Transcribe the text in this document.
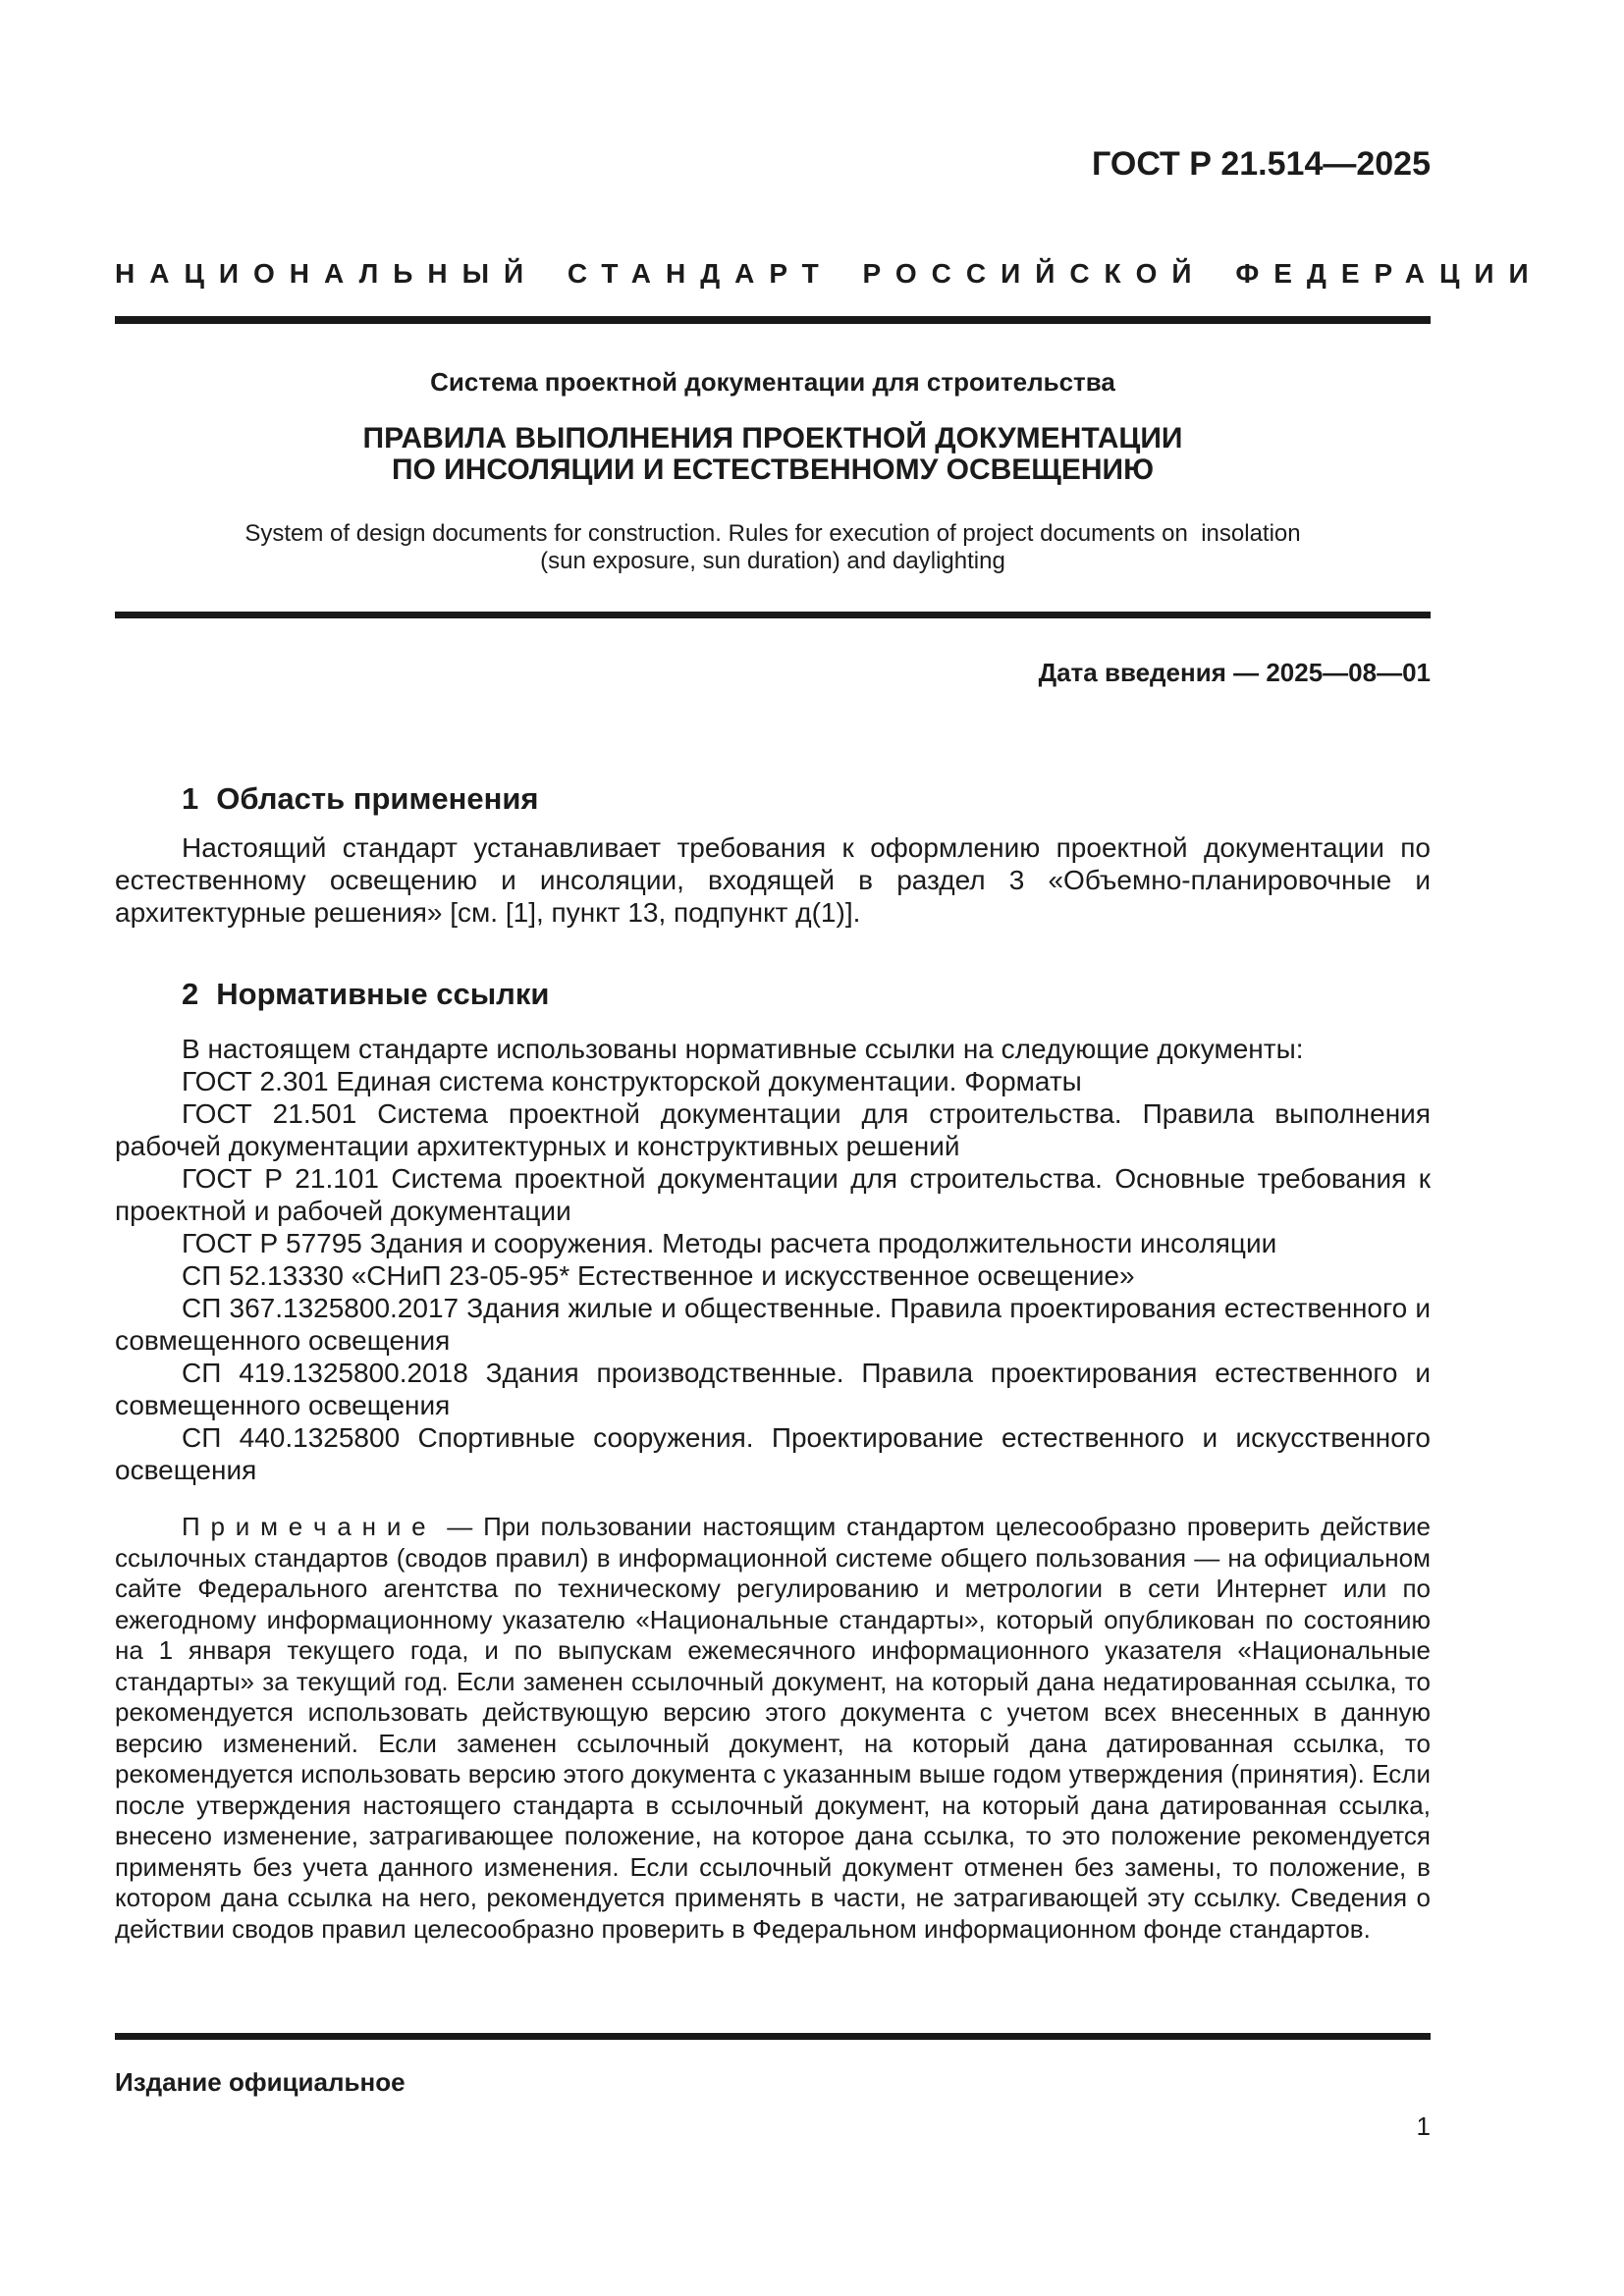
ГОСТ Р 21.514—2025
НАЦИОНАЛЬНЫЙ СТАНДАРТ РОССИЙСКОЙ ФЕДЕРАЦИИ
Система проектной документации для строительства
ПРАВИЛА ВЫПОЛНЕНИЯ ПРОЕКТНОЙ ДОКУМЕНТАЦИИ
ПО ИНСОЛЯЦИИ И ЕСТЕСТВЕННОМУ ОСВЕЩЕНИЮ
System of design documents for construction. Rules for execution of project documents on  insolation
(sun exposure, sun duration) and daylighting
Дата введения — 2025—08—01
1 Область применения

Настоящий стандарт устанавливает требования к оформлению проектной документации по естественному освещению и инсоляции, входящей в раздел 3 «Объемно-планировочные и архитектурные решения» [см. [1], пункт 13, подпункт д(1)].

2 Нормативные ссылки

В настоящем стандарте использованы нормативные ссылки на следующие документы:

ГОСТ 2.301 Единая система конструкторской документации. Форматы

ГОСТ 21.501 Система проектной документации для строительства. Правила выполнения рабочей документации архитектурных и конструктивных решений

ГОСТ Р 21.101 Система проектной документации для строительства. Основные требования к проектной и рабочей документации

ГОСТ Р 57795 Здания и сооружения. Методы расчета продолжительности инсоляции

СП 52.13330 «СНиП 23-05-95* Естественное и искусственное освещение»

СП 367.1325800.2017 Здания жилые и общественные. Правила проектирования естественного и совмещенного освещения

СП 419.1325800.2018 Здания производственные. Правила проектирования естественного и совмещенного освещения

СП 440.1325800 Спортивные сооружения. Проектирование естественного и искусственного освещения

П р и м е ч а н и е  — При пользовании настоящим стандартом целесообразно проверить действие ссылочных стандартов (сводов правил) в информационной системе общего пользования — на официальном сайте Федерального агентства по техническому регулированию и метрологии в сети Интернет или по ежегодному информационному указателю «Национальные стандарты», который опубликован по состоянию на 1 января текущего года, и по выпускам ежемесячного информационного указателя «Национальные стандарты» за текущий год. Если заменен ссылочный документ, на который дана недатированная ссылка, то рекомендуется использовать действующую версию этого документа с учетом всех внесенных в данную версию изменений. Если заменен ссылочный документ, на который дана датированная ссылка, то рекомендуется использовать версию этого документа с указанным выше годом утверждения (принятия). Если после утверждения настоящего стандарта в ссылочный документ, на который дана датированная ссылка, внесено изменение, затрагивающее положение, на которое дана ссылка, то это положение рекомендуется применять без учета данного изменения. Если ссылочный документ отменен без замены, то положение, в котором дана ссылка на него, рекомендуется применять в части, не затрагивающей эту ссылку. Сведения о действии сводов правил целесообразно проверить в Федеральном информационном фонде стандартов.

Издание официальное
1
